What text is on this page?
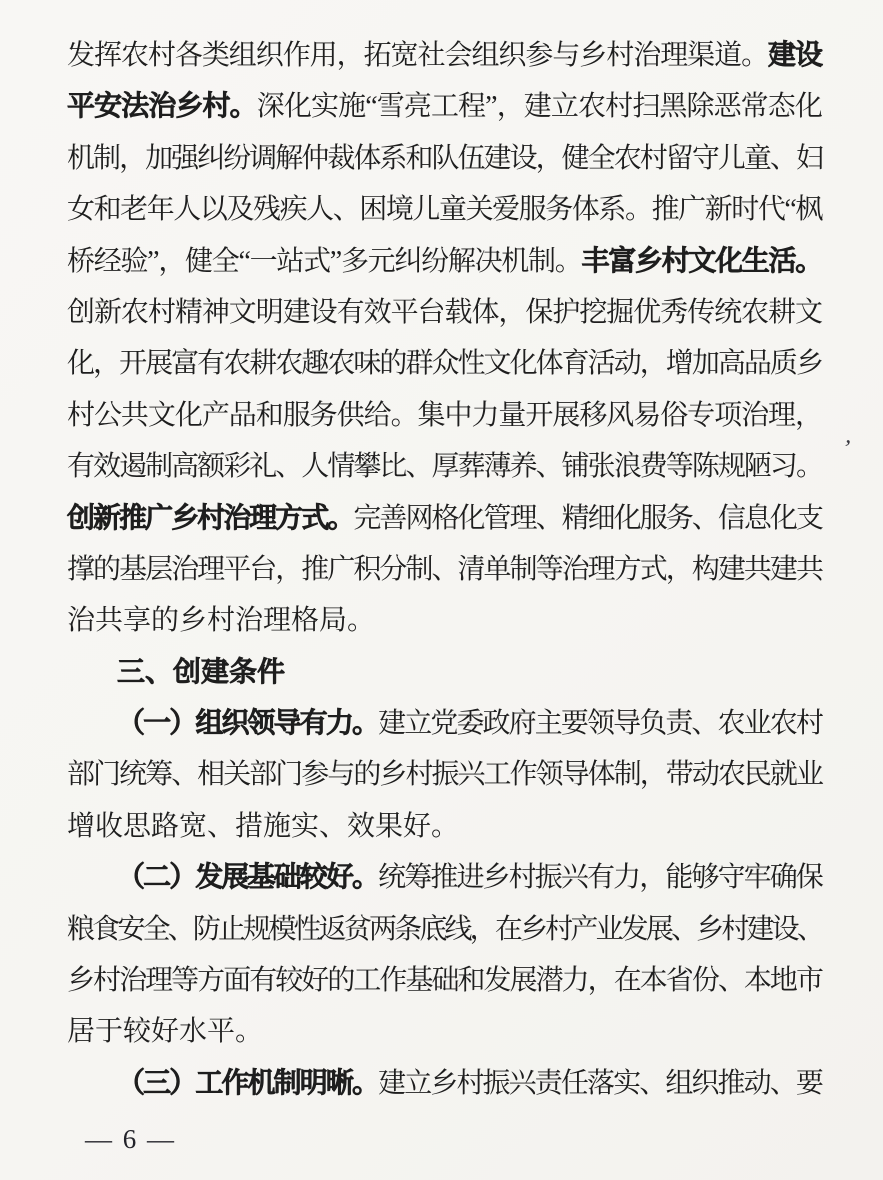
发挥农村各类组织作用，拓宽社会组织参与乡村治理渠道。建设
平安法治乡村。深化实施“雪亮工程”，建立农村扫黑除恶常态化
机制，加强纠纷调解仲裁体系和队伍建设，健全农村留守儿童、妇
女和老年人以及残疾人、困境儿童关爱服务体系。推广新时代“枫
桥经验”，健全“一站式”多元纠纷解决机制。丰富乡村文化生活。
创新农村精神文明建设有效平台载体，保护挖掘优秀传统农耕文
化，开展富有农耕农趣农味的群众性文化体育活动，增加高品质乡
村公共文化产品和服务供给。集中力量开展移风易俗专项治理，
有效遏制高额彩礼、人情攀比、厚葬薄养、铺张浪费等陈规陋习。
创新推广乡村治理方式。完善网格化管理、精细化服务、信息化支
撑的基层治理平台，推广积分制、清单制等治理方式，构建共建共
治共享的乡村治理格局。
三、创建条件
（一）组织领导有力。建立党委政府主要领导负责、农业农村
部门统筹、相关部门参与的乡村振兴工作领导体制，带动农民就业
增收思路宽、措施实、效果好。
（二）发展基础较好。统筹推进乡村振兴有力，能够守牢确保
粮食安全、防止规模性返贫两条底线，在乡村产业发展、乡村建设、
乡村治理等方面有较好的工作基础和发展潜力，在本省份、本地市
居于较好水平。
（三）工作机制明晰。建立乡村振兴责任落实、组织推动、要
— 6 —
’
